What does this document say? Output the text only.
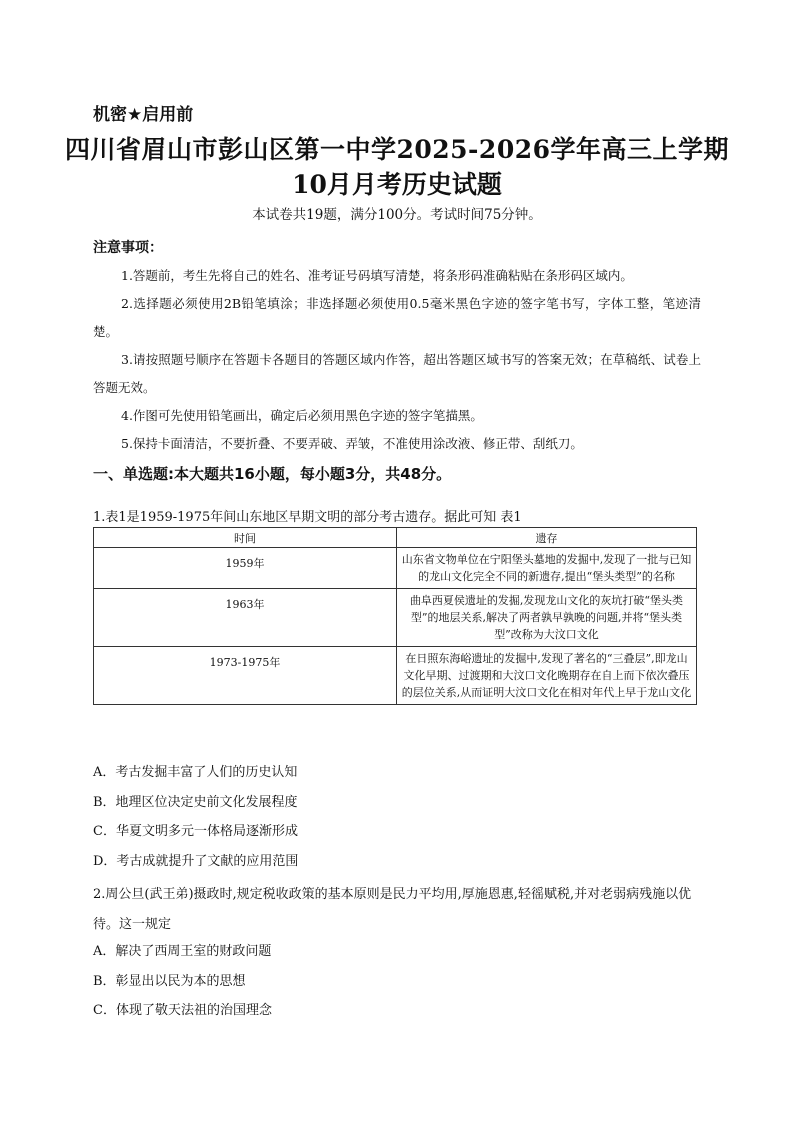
机密★启用前
四川省眉山市彭山区第一中学2025-2026学年高三上学期
10月月考历史试题
本试卷共19题，满分100分。考试时间75分钟。
注意事项：
1.答题前，考生先将自己的姓名、准考证号码填写清楚，将条形码准确粘贴在条形码区域内。
2.选择题必须使用2B铅笔填涂；非选择题必须使用0.5毫米黑色字迹的签字笔书写，字体工整，笔迹清楚。
3.请按照题号顺序在答题卡各题目的答题区域内作答，超出答题区域书写的答案无效；在草稿纸、试卷上答题无效。
4.作图可先使用铅笔画出，确定后必须用黑色字迹的签字笔描黑。
5.保持卡面清洁，不要折叠、不要弄破、弄皱，不准使用涂改液、修正带、刮纸刀。
一、单选题:本大题共16小题，每小题3分，共48分。
1.表1是1959-1975年间山东地区早期文明的部分考古遗存。据此可知 表1
时间	遗存
1959年	山东省文物单位在宁阳堡头墓地的发掘中,发现了一批与已知的龙山文化完全不同的新遗存,提出“堡头类型”的名称
1963年	曲阜西夏侯遗址的发掘,发现龙山文化的灰坑打破“堡头类型”的地层关系,解决了两者孰早孰晚的问题,并将“堡头类型”改称为大汶口文化
1973-1975年	在日照东海峪遗址的发掘中,发现了著名的“三叠层”,即龙山文化早期、过渡期和大汶口文化晚期存在自上而下依次叠压的层位关系,从而证明大汶口文化在相对年代上早于龙山文化
A．考古发掘丰富了人们的历史认知
B．地理区位决定史前文化发展程度
C．华夏文明多元一体格局逐渐形成
D．考古成就提升了文献的应用范围
2.周公旦(武王弟)摄政时,规定税收政策的基本原则是民力平均用,厚施恩惠,轻徭赋税,并对老弱病残施以优待。这一规定
A．解决了西周王室的财政问题
B．彰显出以民为本的思想
C．体现了敬天法祖的治国理念
